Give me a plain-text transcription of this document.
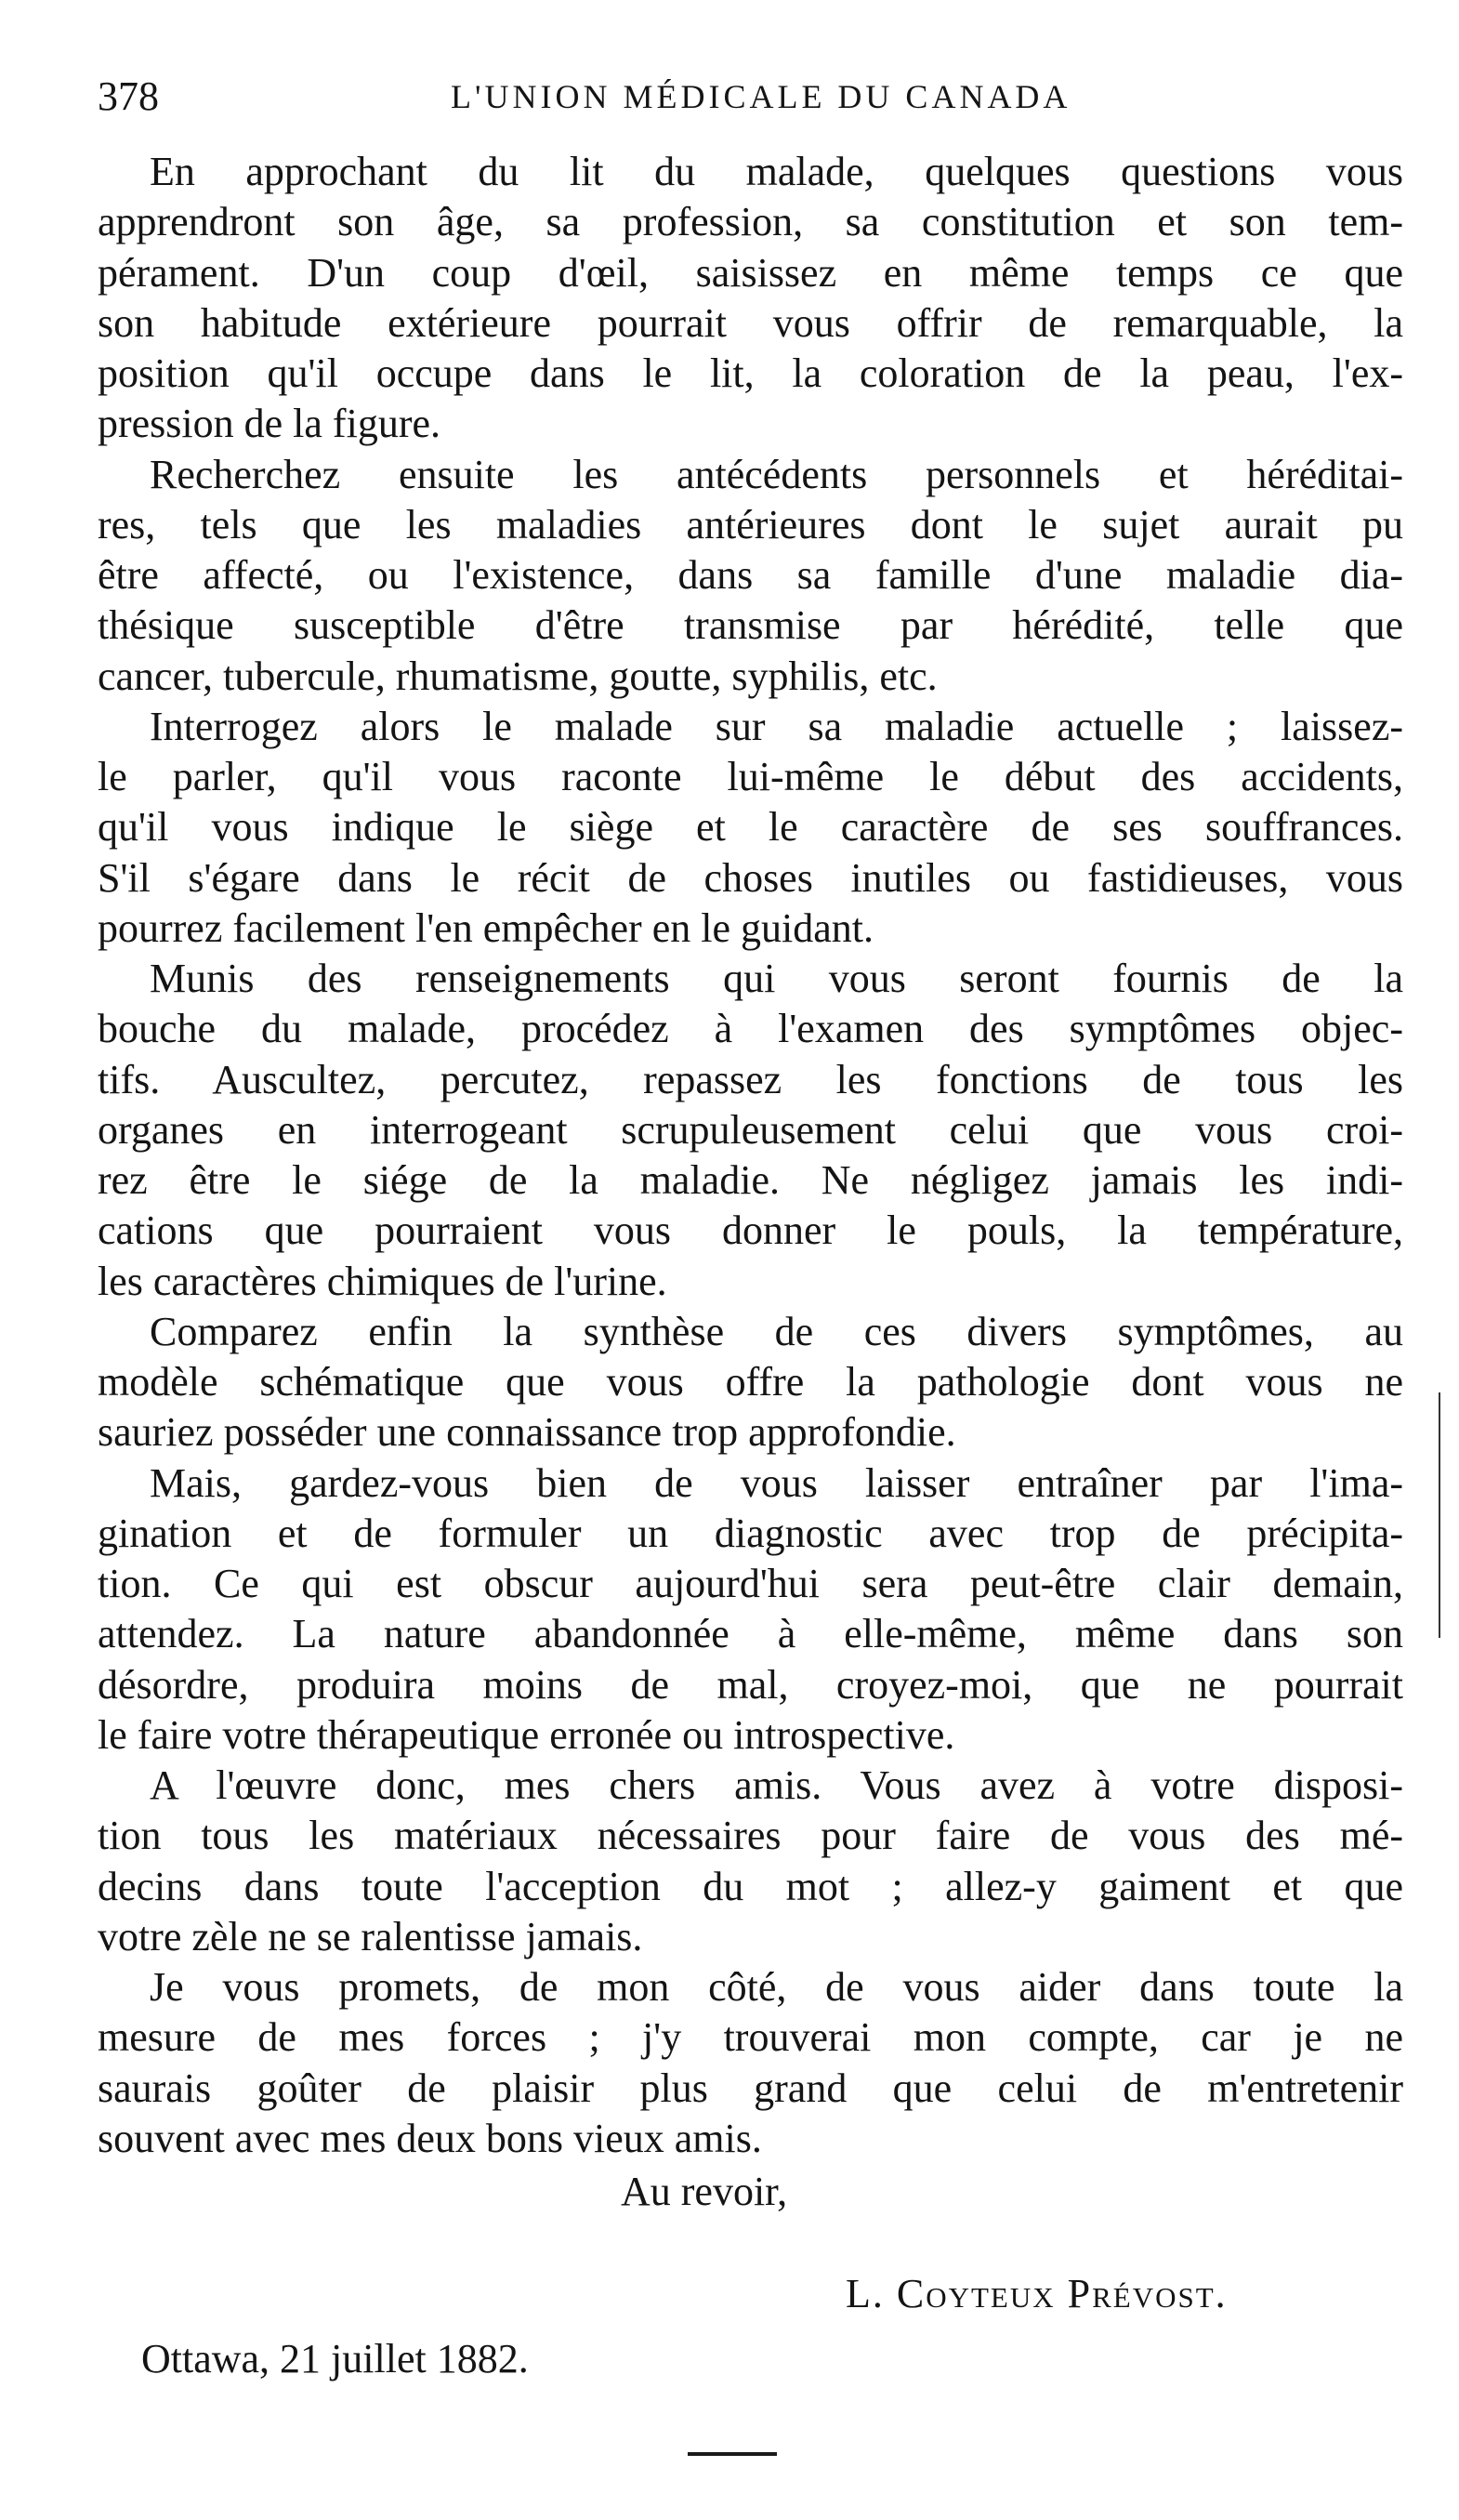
378	L'UNION MÉDICALE DU CANADA
En approchant du lit du malade, quelques questions vous
apprendront son âge, sa profession, sa constitution et son tem-
pérament. D'un coup d'œil, saisissez en même temps ce que
son habitude extérieure pourrait vous offrir de remarquable, la
position qu'il occupe dans le lit, la coloration de la peau, l'ex-
pression de la figure.
Recherchez ensuite les antécédents personnels et héréditai-
res, tels que les maladies antérieures dont le sujet aurait pu
être affecté, ou l'existence, dans sa famille d'une maladie dia-
thésique susceptible d'être transmise par hérédité, telle que
cancer, tubercule, rhumatisme, goutte, syphilis, etc.
Interrogez alors le malade sur sa maladie actuelle ; laissez-
le parler, qu'il vous raconte lui-même le début des accidents,
qu'il vous indique le siège et le caractère de ses souffrances.
S'il s'égare dans le récit de choses inutiles ou fastidieuses, vous
pourrez facilement l'en empêcher en le guidant.
Munis des renseignements qui vous seront fournis de la
bouche du malade, procédez à l'examen des symptômes objec-
tifs. Auscultez, percutez, repassez les fonctions de tous les
organes en interrogeant scrupuleusement celui que vous croi-
rez être le siége de la maladie. Ne négligez jamais les indi-
cations que pourraient vous donner le pouls, la température,
les caractères chimiques de l'urine.
Comparez enfin la synthèse de ces divers symptômes, au
modèle schématique que vous offre la pathologie dont vous ne
sauriez posséder une connaissance trop approfondie.
Mais, gardez-vous bien de vous laisser entraîner par l'ima-
gination et de formuler un diagnostic avec trop de précipita-
tion. Ce qui est obscur aujourd'hui sera peut-être clair demain,
attendez. La nature abandonnée à elle-même, même dans son
désordre, produira moins de mal, croyez-moi, que ne pourrait
le faire votre thérapeutique erronée ou introspective.
A l'œuvre donc, mes chers amis. Vous avez à votre disposi-
tion tous les matériaux nécessaires pour faire de vous des mé-
decins dans toute l'acception du mot ; allez-y gaiment et que
votre zèle ne se ralentisse jamais.
Je vous promets, de mon côté, de vous aider dans toute la
mesure de mes forces ; j'y trouverai mon compte, car je ne
saurais goûter de plaisir plus grand que celui de m'entretenir
souvent avec mes deux bons vieux amis.
Au revoir,
L. Coyteux Prévost.
Ottawa, 21 juillet 1882.
